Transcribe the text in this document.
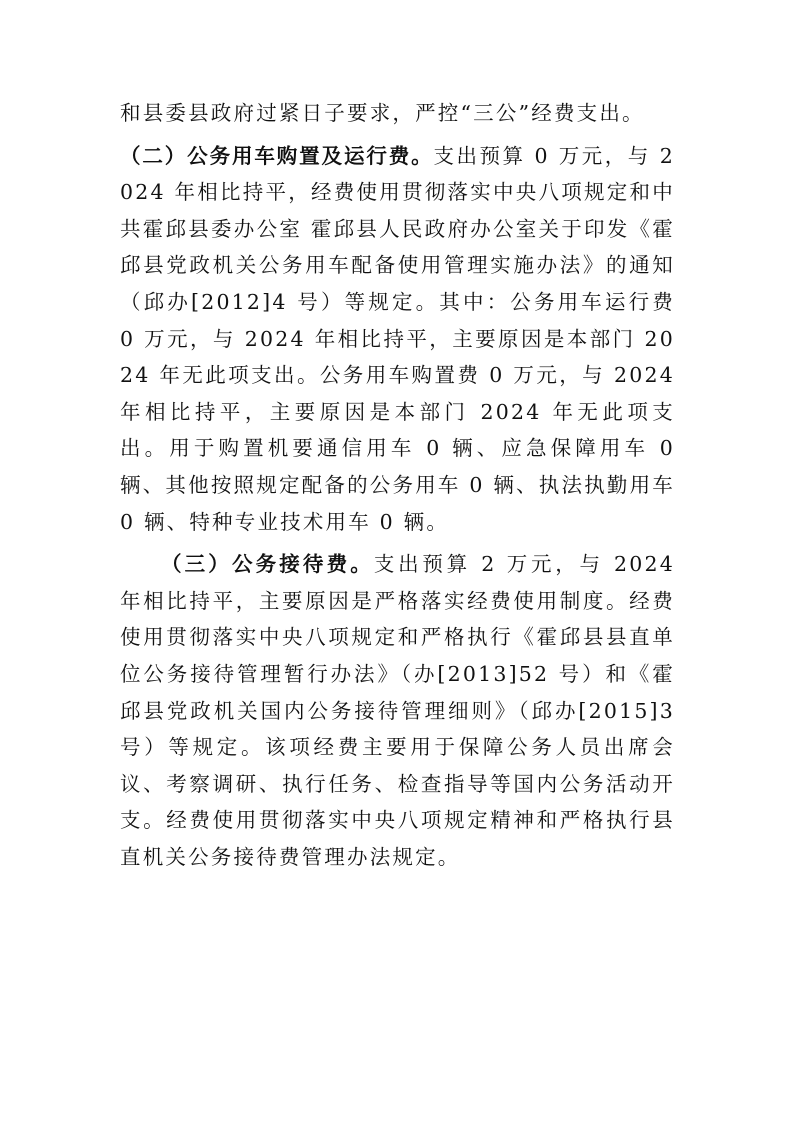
和县委县政府过紧日子要求，严控“三公”经费支出。

（二）公务用车购置及运行费。支出预算 0 万元，与 2024 年相比持平，经费使用贯彻落实中央八项规定和中共霍邱县委办公室 霍邱县人民政府办公室关于印发《霍邱县党政机关公务用车配备使用管理实施办法》的通知（邱办[2012]4 号）等规定。其中：公务用车运行费 0 万元，与 2024 年相比持平，主要原因是本部门 2024 年无此项支出。公务用车购置费 0 万元，与 2024 年相比持平，主要原因是本部门 2024 年无此项支出。用于购置机要通信用车 0 辆、应急保障用车 0 辆、其他按照规定配备的公务用车 0 辆、执法执勤用车 0 辆、特种专业技术用车 0 辆。

（三）公务接待费。支出预算 2 万元，与 2024 年相比持平，主要原因是严格落实经费使用制度。经费使用贯彻落实中央八项规定和严格执行《霍邱县县直单位公务接待管理暂行办法》（办[2013]52 号）和《霍邱县党政机关国内公务接待管理细则》（邱办[2015]3 号）等规定。该项经费主要用于保障公务人员出席会议、考察调研、执行任务、检查指导等国内公务活动开支。经费使用贯彻落实中央八项规定精神和严格执行县直机关公务接待费管理办法规定。
